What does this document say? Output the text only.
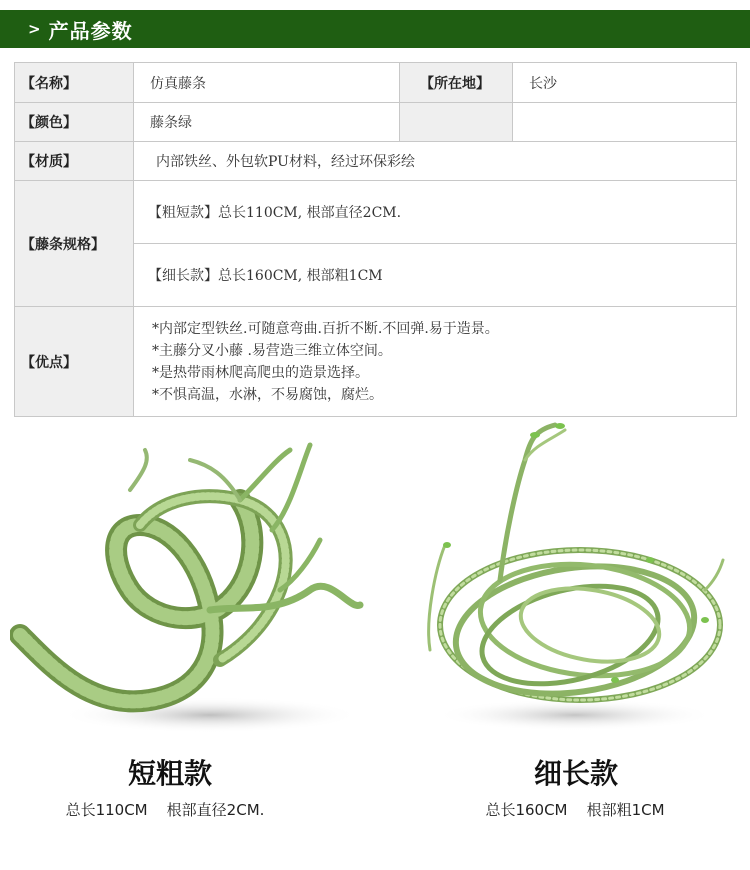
> 产品参数
【名称】	仿真藤条	【所在地】	长沙
【颜色】	藤条绿		
【材质】	内部铁丝、外包软PU材料，经过环保彩绘		
【藤条规格】	【粗短款】总长110CM, 根部直径2CM.
【细长款】总长160CM, 根部粗1CM		

【优点】	*内部定型铁丝.可随意弯曲.百折不断.不回弹.易于造景。
*主藤分叉小藤 .易营造三维立体空间。
*是热带雨林爬高爬虫的造景选择。
*不惧高温，水淋，不易腐蚀，腐烂。		
短粗款
总长110CM    根部直径2CM.
细长款
总长160CM    根部粗1CM
